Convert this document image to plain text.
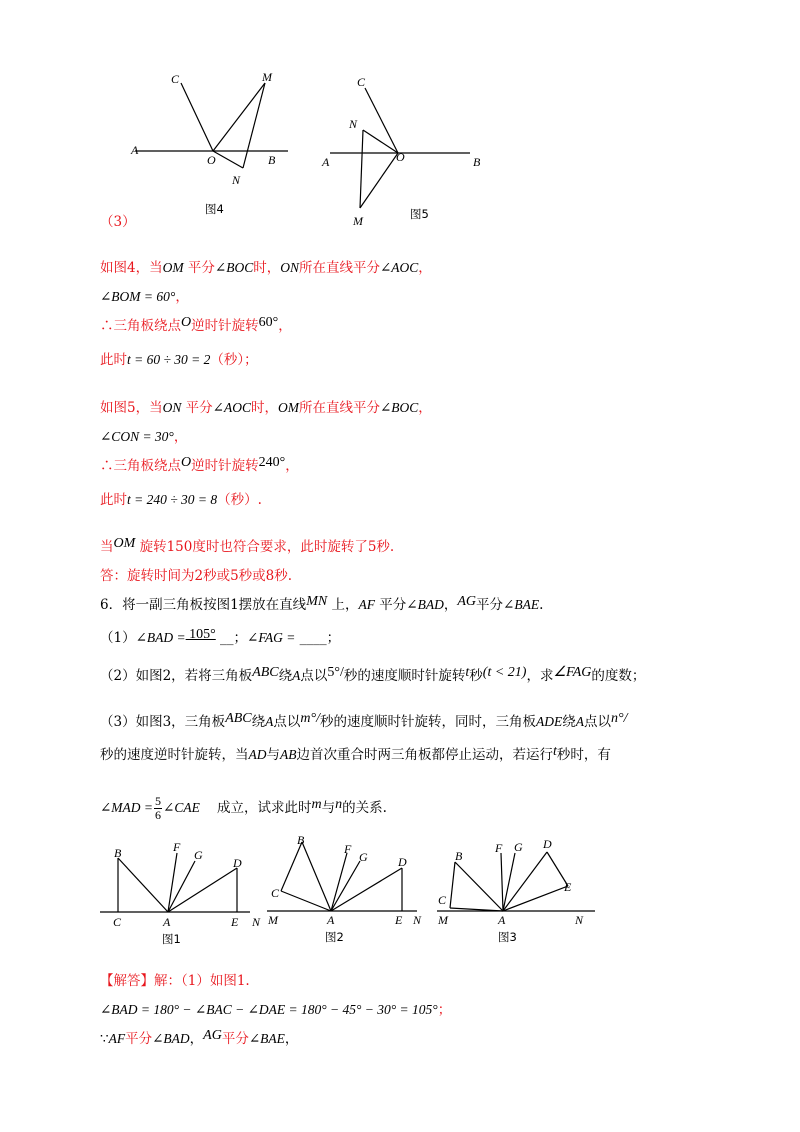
C	M
A
O	B
N
图4
C
N
A	O	B
M	图5
（3）
如图4，当OM 平分∠BOC时，ON所在直线平分∠AOC，
∠BOM = 60°，
∴三角板绕点O逆时针旋转60°，
此时t = 60 ÷ 30 = 2（秒）；
如图5，当ON 平分∠AOC时，OM所在直线平分∠BOC，
∠CON = 30°，
∴三角板绕点O逆时针旋转240°，
此时t = 240 ÷ 30 = 8（秒）.
当OM 旋转150度时也符合要求，此时旋转了5秒.
答：旋转时间为2秒或5秒或8秒.
6．将一副三角板按图1摆放在直线MN 上，AF 平分∠BAD，AG平分∠BAE.
（1）∠BAD = 105° __；∠FAG = ____；
（2）如图2，若将三角板ABC绕A点以5°/秒的速度顺时针旋转t秒(t < 21)，求∠FAG的度数；
（3）如图3，三角板ABC绕A点以m°/秒的速度顺时针旋转，同时，三角板ADE绕A点以n°/
秒的速度逆时针旋转，当AD与AB边首次重合时两三角板都停止运动，若运行t秒时，有
∠MAD = $\frac{5}{6}$ ∠CAE 成立，试求此时m与n的关系.
B	F
G
D
C	A	E N
图1
B
F
G	D
C
M	A	E N
图2
B
F G D
E
C
M	A	N
图3
【解答】解：（1）如图1.
∠BAD = 180° − ∠BAC − ∠DAE = 180° − 45° − 30° = 105°；
∵AF平分∠BAD，AG平分∠BAE，
